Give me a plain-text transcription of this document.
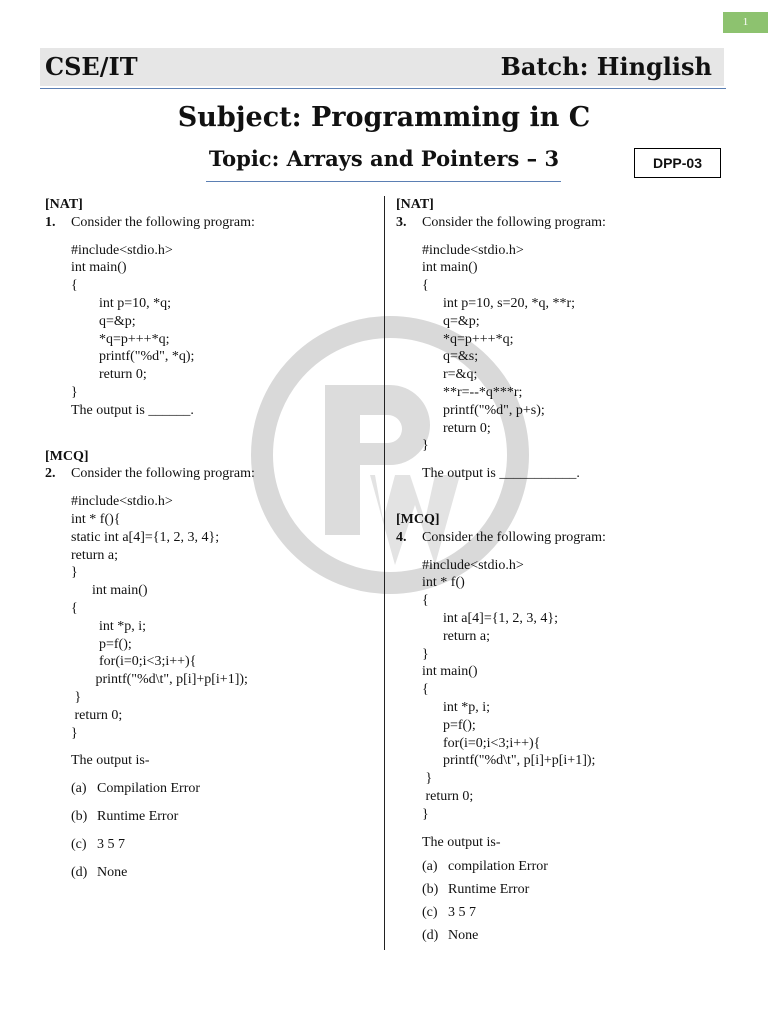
1
CSE/IT	Batch: Hinglish
Subject: Programming in C
Topic: Arrays and Pointers – 3	DPP-03
[NAT]
1.	Consider the following program:
#include<stdio.h>
int main()
{
int p=10, *q;
q=&p;
*q=p+++*q;
printf("%d", *q);
return 0;
}
The output is ______.
[MCQ]
2.	Consider the following program:
#include<stdio.h>
int * f(){
static int a[4]={1, 2, 3, 4};
return a;
}
int main()
{
int *p, i;
p=f();
for(i=0;i<3;i++){
printf("%d\t", p[i]+p[i+1]);
}
return 0;
}
The output is-
(a) Compilation Error
(b) Runtime Error
(c) 3 5 7
(d) None
[NAT]
3.	Consider the following program:
#include<stdio.h>
int main()
{
int p=10, s=20, *q, **r;
q=&p;
*q=p+++*q;
q=&s;
r=&q;
**r=--*q***r;
printf("%d", p+s);
return 0;
}
The output is ___________.
[MCQ]
4.	Consider the following program:
#include<stdio.h>
int * f()
{
int a[4]={1, 2, 3, 4};
return a;
}
int main()
{
int *p, i;
p=f();
for(i=0;i<3;i++){
printf("%d\t", p[i]+p[i+1]);
}
return 0;
}
The output is-
(a) compilation Error
(b) Runtime Error
(c) 3 5 7
(d) None
